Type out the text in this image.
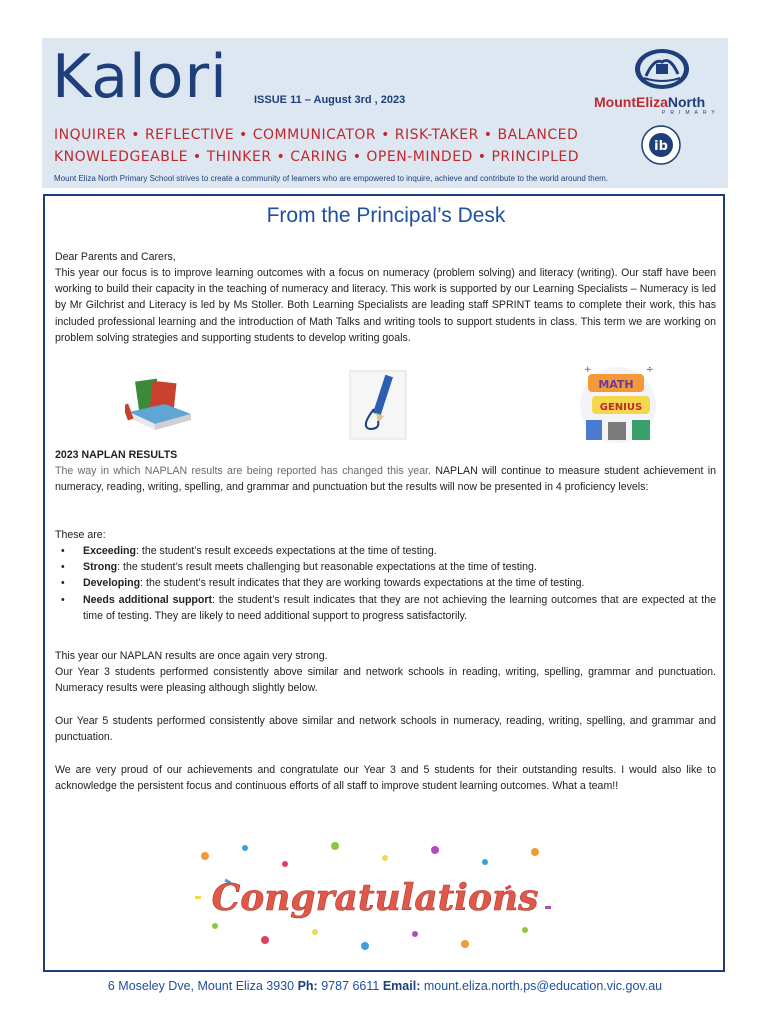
Kalori ISSUE 11 – August 3rd , 2023	MountElizaNorth
PRIMARY
ib
INQUIRER • REFLECTIVE • COMMUNICATOR • RISK-TAKER • BALANCED
KNOWLEDGEABLE • THINKER • CARING • OPEN-MINDED • PRINCIPLED
Mount Eliza North Primary School strives to create a community of learners who are empowered to inquire, achieve and contribute to the world around them.
From the Principal’s Desk

Dear Parents and Carers,

This year our focus is to improve learning outcomes with a focus on numeracy (problem solving) and literacy (writing). Our staff have been working to build their capacity in the teaching of numeracy and literacy. This work is supported by our Learning Specialists – Numeracy is led by Mr Gilchrist and Literacy is led by Ms Stoller. Both Learning Specialists are leading staff SPRINT teams to complete their work, this has included professional learning and the introduction of Math Talks and writing tools to support students in class. This term we are working on problem solving strategies and supporting students to develop writing goals.

MATH
GENIUS
+	÷

2023 NAPLAN RESULTS

The way in which NAPLAN results are being reported has changed this year. NAPLAN will continue to measure student achievement in numeracy, reading, writing, spelling, and grammar and punctuation but the results will now be presented in 4 proficiency levels:

These are:

• Exceeding: the student’s result exceeds expectations at the time of testing.
• Strong: the student’s result meets challenging but reasonable expectations at the time of testing.
• Developing: the student’s result indicates that they are working towards expectations at the time of testing.
• Needs additional support: the student’s result indicates that they are not achieving the learning outcomes that are expected at the time of testing. They are likely to need additional support to progress satisfactorily.

This year our NAPLAN results are once again very strong.

Our Year 3 students performed consistently above similar and network schools in reading, writing, spelling, grammar and punctuation. Numeracy results were pleasing although slightly below.

Our Year 5 students performed consistently above similar and network schools in numeracy, reading, writing, spelling, and grammar and punctuation.

We are very proud of our achievements and congratulate our Year 3 and 5 students for their outstanding results. I would also like to acknowledge the persistent focus and continuous efforts of all staff to improve student learning outcomes. What a team!!

Congratulations
6 Moseley Dve, Mount Eliza 3930 Ph: 9787 6611 Email: mount.eliza.north.ps@education.vic.gov.au
